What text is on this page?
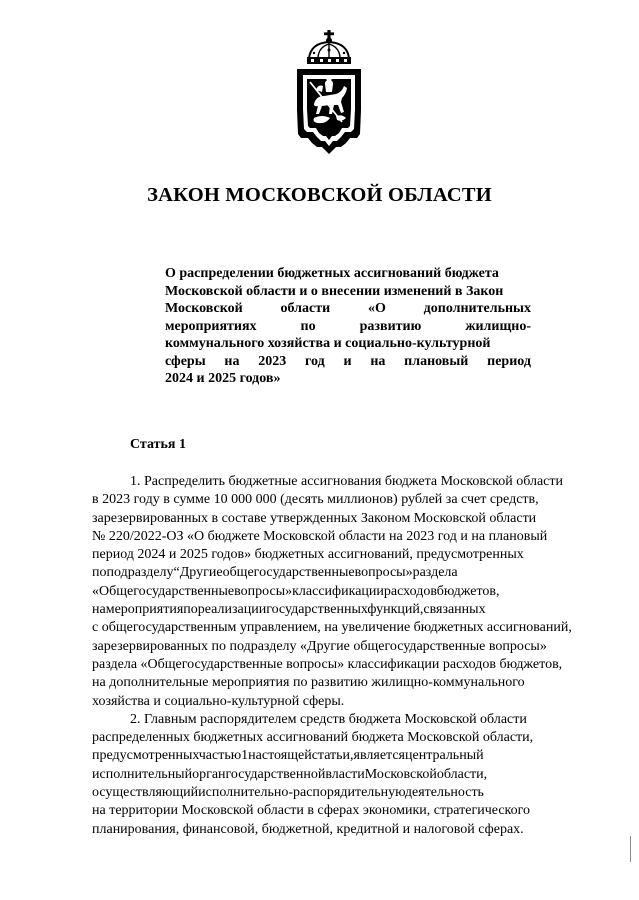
ЗАКОН МОСКОВСКОЙ ОБЛАСТИ
О распределении бюджетных ассигнований бюджета
Московской области и о внесении изменений в Закон
Московской	области	«О	дополнительных
мероприятиях	по	развитию	жилищно-
коммунального хозяйства и социально-культурной
сферы на 2023 год и на плановый период
2024 и 2025 годов»
Статья 1
1. Распределить бюджетные ассигнования бюджета Московской области
в 2023 году в сумме 10 000 000 (десять миллионов) рублей за счет средств,
зарезервированных в составе утвержденных Законом Московской области
№ 220/2022-ОЗ «О бюджете Московской области на 2023 год и на плановый
период 2024 и 2025 годов» бюджетных ассигнований, предусмотренных
поподразделу“Другиеобщегосударственныевопросы»раздела
«Общегосударственныевопросы»классификациирасходовбюджетов,
намероприятияпореализациигосударственныхфункций,связанных
с общегосударственным управлением, на увеличение бюджетных ассигнований,
зарезервированных по подразделу «Другие общегосударственные вопросы»
раздела «Общегосударственные вопросы» классификации расходов бюджетов,
на дополнительные мероприятия по развитию жилищно-коммунального
хозяйства и социально-культурной сферы.
2. Главным распорядителем средств бюджета Московской области
распределенных бюджетных ассигнований бюджета Московской области,
предусмотренныхчастью1настоящейстатьи,являетсяцентральный
исполнительныйоргангосударственнойвластиМосковскойобласти,
осуществляющийисполнительно-распорядительнуюдеятельность
на территории Московской области в сферах экономики, стратегического
планирования, финансовой, бюджетной, кредитной и налоговой сферах.
